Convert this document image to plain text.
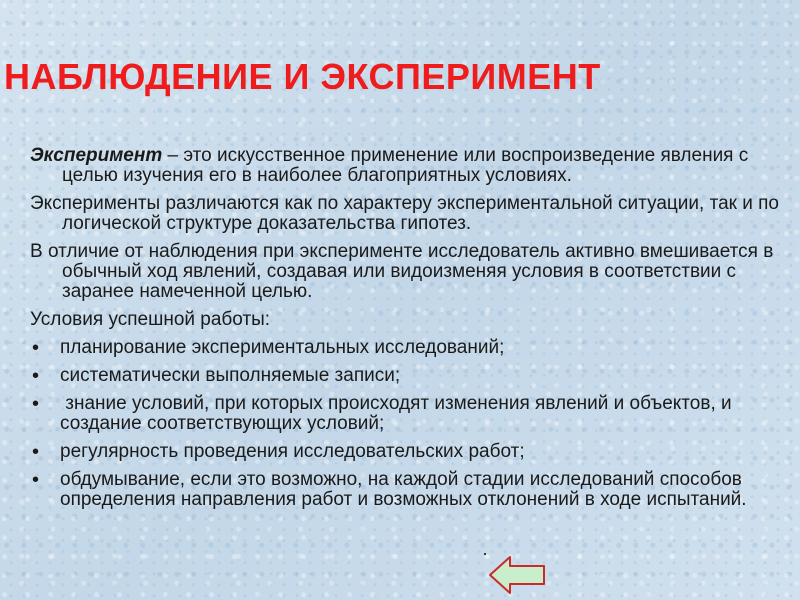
НАБЛЮДЕНИЕ И ЭКСПЕРИМЕНТ

Эксперимент – это искусственное применение или воспроизведение явления с целью изучения его в наиболее благоприятных условиях.

Эксперименты различаются как по характеру экспериментальной ситуации, так и по логической структуре доказательства гипотез.

В отличие от наблюдения при эксперименте исследователь активно вмешивается в обычный ход явлений, создавая или видоизменяя условия в соответствии с заранее намеченной целью.

Условия успешной работы:

• планирование экспериментальных исследований;
• систематически выполняемые записи;
• знание условий, при которых происходят изменения явлений и объектов, и создание соответствующих условий;
• регулярность проведения исследовательских работ;
• обдумывание, если это возможно, на каждой стадии исследований способов определения направления работ и возможных отклонений в ходе испытаний.
